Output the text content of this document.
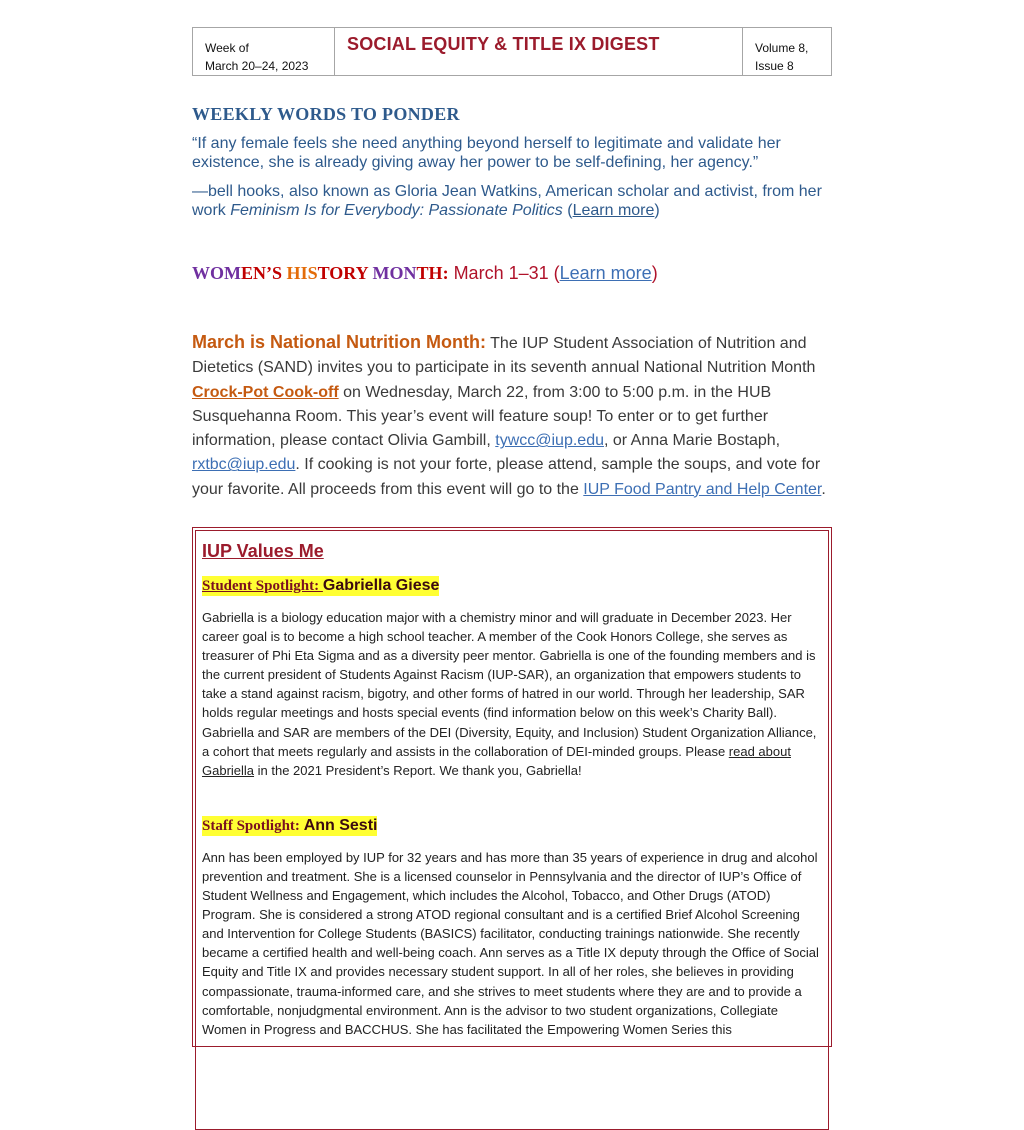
Week of
March 20–24, 2023
SOCIAL EQUITY & TITLE IX DIGEST	Volume 8,
Issue 8
WEEKLY WORDS TO PONDER
“If any female feels she need anything beyond herself to legitimate and validate her existence, she is already giving away her power to be self-defining, her agency.”
—bell hooks, also known as Gloria Jean Watkins, American scholar and activist, from her work Feminism Is for Everybody: Passionate Politics (Learn more)
WOMEN’S HISTORY MONTH: March 1–31 (Learn more)
March is National Nutrition Month: The IUP Student Association of Nutrition and Dietetics (SAND) invites you to participate in its seventh annual National Nutrition Month Crock-Pot Cook-off on Wednesday, March 22, from 3:00 to 5:00 p.m. in the HUB Susquehanna Room. This year’s event will feature soup! To enter or to get further information, please contact Olivia Gambill, tywcc@iup.edu, or Anna Marie Bostaph, rxtbc@iup.edu. If cooking is not your forte, please attend, sample the soups, and vote for your favorite. All proceeds from this event will go to the IUP Food Pantry and Help Center.
IUP Values Me
Student Spotlight: Gabriella Giese
Gabriella is a biology education major with a chemistry minor and will graduate in December 2023. Her career goal is to become a high school teacher. A member of the Cook Honors College, she serves as treasurer of Phi Eta Sigma and as a diversity peer mentor. Gabriella is one of the founding members and is the current president of Students Against Racism (IUP-SAR), an organization that empowers students to take a stand against racism, bigotry, and other forms of hatred in our world. Through her leadership, SAR holds regular meetings and hosts special events (find information below on this week’s Charity Ball). Gabriella and SAR are members of the DEI (Diversity, Equity, and Inclusion) Student Organization Alliance, a cohort that meets regularly and assists in the collaboration of DEI-minded groups. Please read about Gabriella in the 2021 President’s Report. We thank you, Gabriella!
Staff Spotlight: Ann Sesti
Ann has been employed by IUP for 32 years and has more than 35 years of experience in drug and alcohol prevention and treatment. She is a licensed counselor in Pennsylvania and the director of IUP’s Office of Student Wellness and Engagement, which includes the Alcohol, Tobacco, and Other Drugs (ATOD) Program. She is considered a strong ATOD regional consultant and is a certified Brief Alcohol Screening and Intervention for College Students (BASICS) facilitator, conducting trainings nationwide. She recently became a certified health and well-being coach. Ann serves as a Title IX deputy through the Office of Social Equity and Title IX and provides necessary student support. In all of her roles, she believes in providing compassionate, trauma-informed care, and she strives to meet students where they are and to provide a comfortable, nonjudgmental environment. Ann is the advisor to two student organizations, Collegiate Women in Progress and BACCHUS. She has facilitated the Empowering Women Series this
